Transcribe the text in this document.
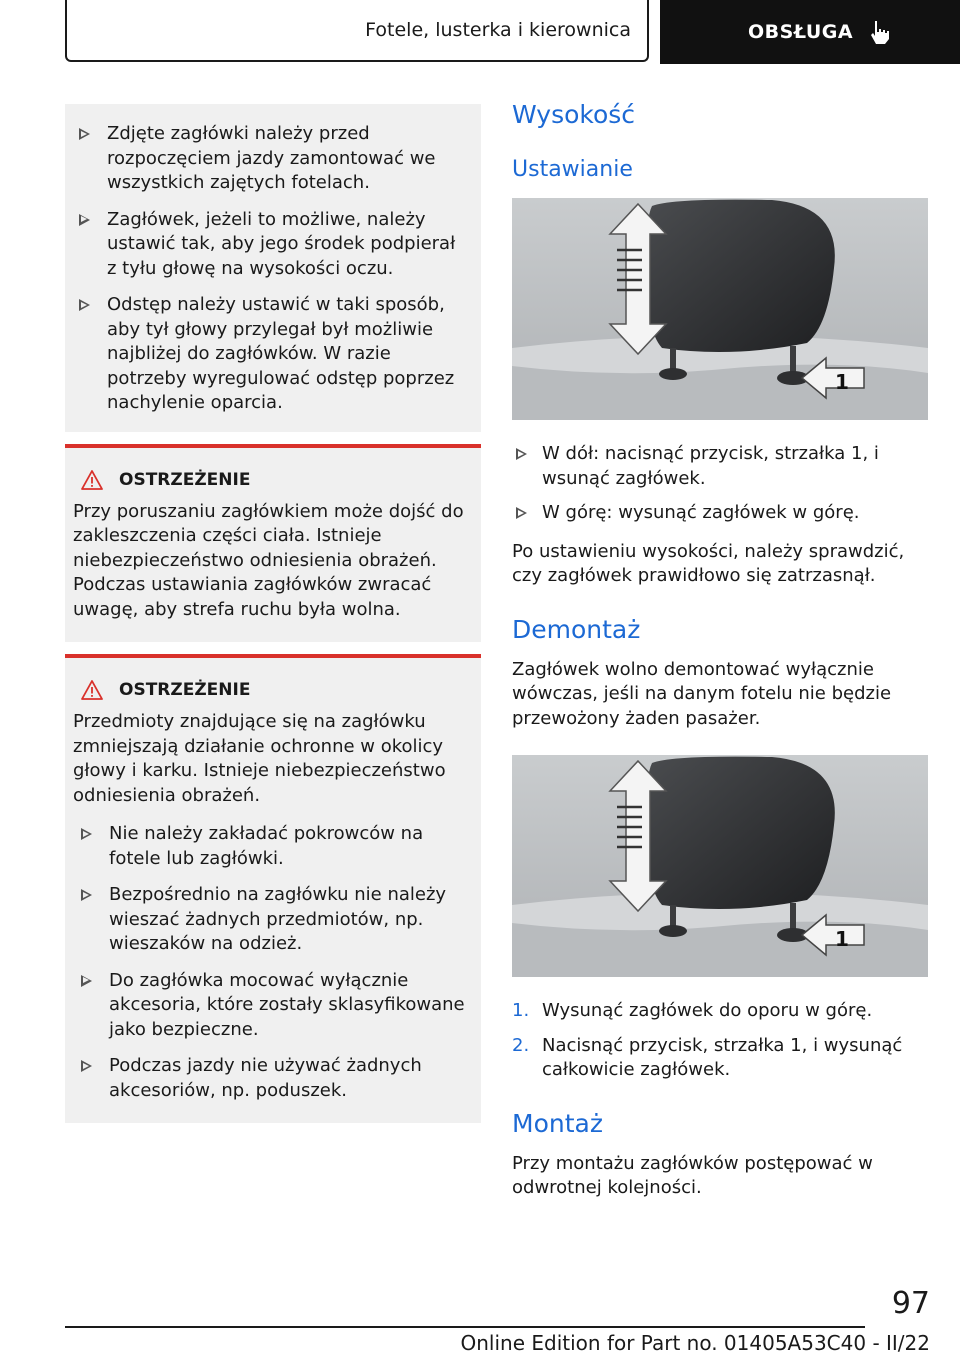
Fotele, lusterka i kierownica	OBSŁUGA
Zdjęte zagłówki należy przed rozpoczęciem jazdy zamontować we wszystkich zajętych fotelach.
Zagłówek, jeżeli to możliwe, należy ustawić tak, aby jego środek podpierał z tyłu głowę na wysokości oczu.
Odstęp należy ustawić w taki sposób, aby tył głowy przylegał był możliwie najbliżej do zagłówków. W razie potrzeby wyregulować odstęp poprzez nachylenie oparcia.
OSTRZEŻENIE
Przy poruszaniu zagłówkiem może dojść do zakleszczenia części ciała. Istnieje niebezpieczeństwo odniesienia obrażeń. Podczas ustawiania zagłówków zwracać uwagę, aby strefa ruchu była wolna.
OSTRZEŻENIE
Przedmioty znajdujące się na zagłówku zmniejszają działanie ochronne w okolicy głowy i karku. Istnieje niebezpieczeństwo odniesienia obrażeń.
Nie należy zakładać pokrowców na fotele lub zagłówki.
Bezpośrednio na zagłówku nie należy wieszać żadnych przedmiotów, np. wieszaków na odzież.
Do zagłówka mocować wyłącznie akcesoria, które zostały sklasyfikowane jako bezpieczne.
Podczas jazdy nie używać żadnych akcesoriów, np. poduszek.
Wysokość
Ustawianie
1
W dół: nacisnąć przycisk, strzałka 1, i wsunąć zagłówek.
W górę: wysunąć zagłówek w górę.

Po ustawieniu wysokości, należy sprawdzić, czy zagłówek prawidłowo się zatrzasnął.

Demontaż

Zagłówek wolno demontować wyłącznie wówczas, jeśli na danym fotelu nie będzie przewożony żaden pasażer.

1
1. Wysunąć zagłówek do oporu w górę.
2. Nacisnąć przycisk, strzałka 1, i wysunąć całkowicie zagłówek.
Montaż

Przy montażu zagłówków postępować w odwrotnej kolejności.

97
Online Edition for Part no. 01405A53C40 - II/22
